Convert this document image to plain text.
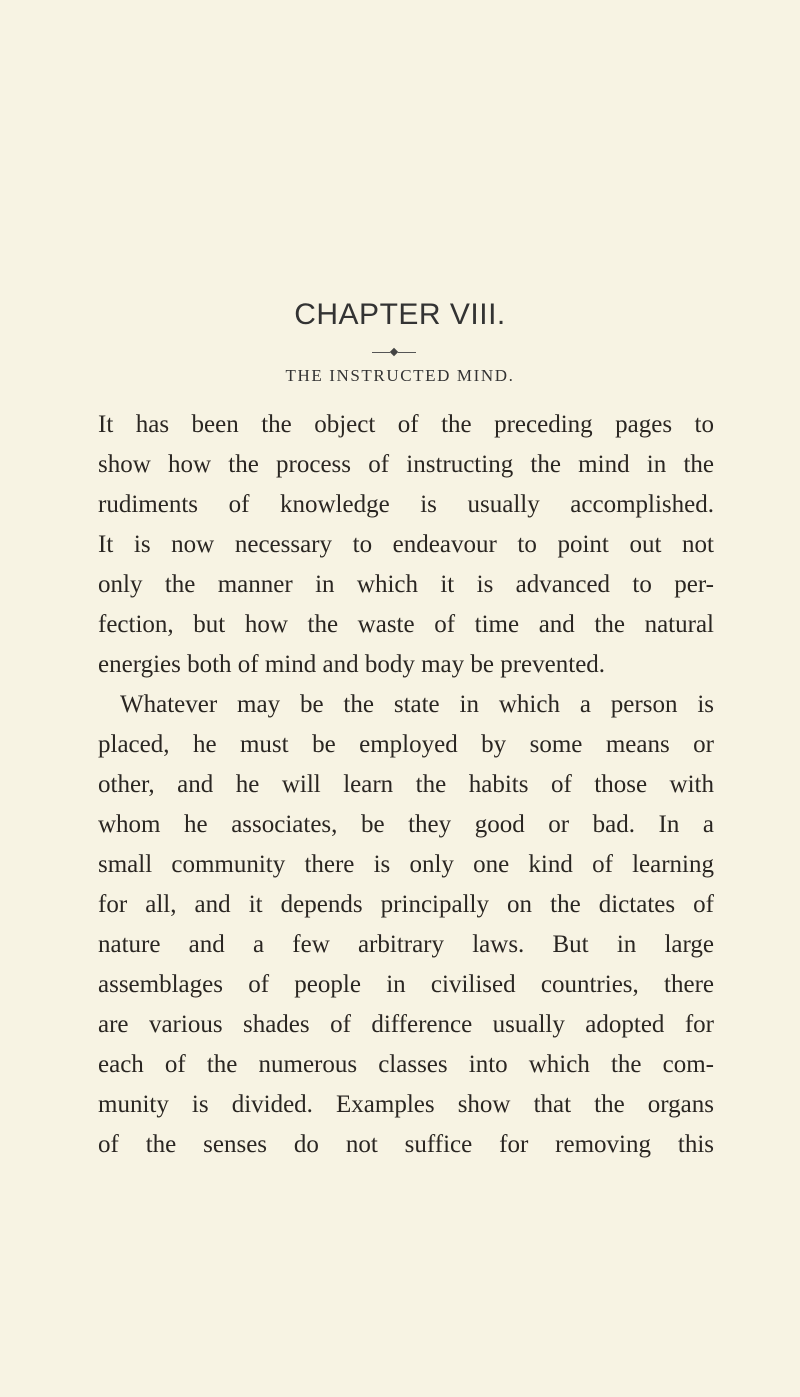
CHAPTER VIII.
THE INSTRUCTED MIND.
It has been the object of the preceding pages to
show how the process of instructing the mind in the
rudiments of knowledge is usually accomplished.
It is now necessary to endeavour to point out not
only the manner in which it is advanced to per-
fection, but how the waste of time and the natural
energies both of mind and body may be prevented.
Whatever may be the state in which a person is
placed, he must be employed by some means or
other, and he will learn the habits of those with
whom he associates, be they good or bad. In a
small community there is only one kind of learning
for all, and it depends principally on the dictates of
nature and a few arbitrary laws. But in large
assemblages of people in civilised countries, there
are various shades of difference usually adopted for
each of the numerous classes into which the com-
munity is divided. Examples show that the organs
of the senses do not suffice for removing this
